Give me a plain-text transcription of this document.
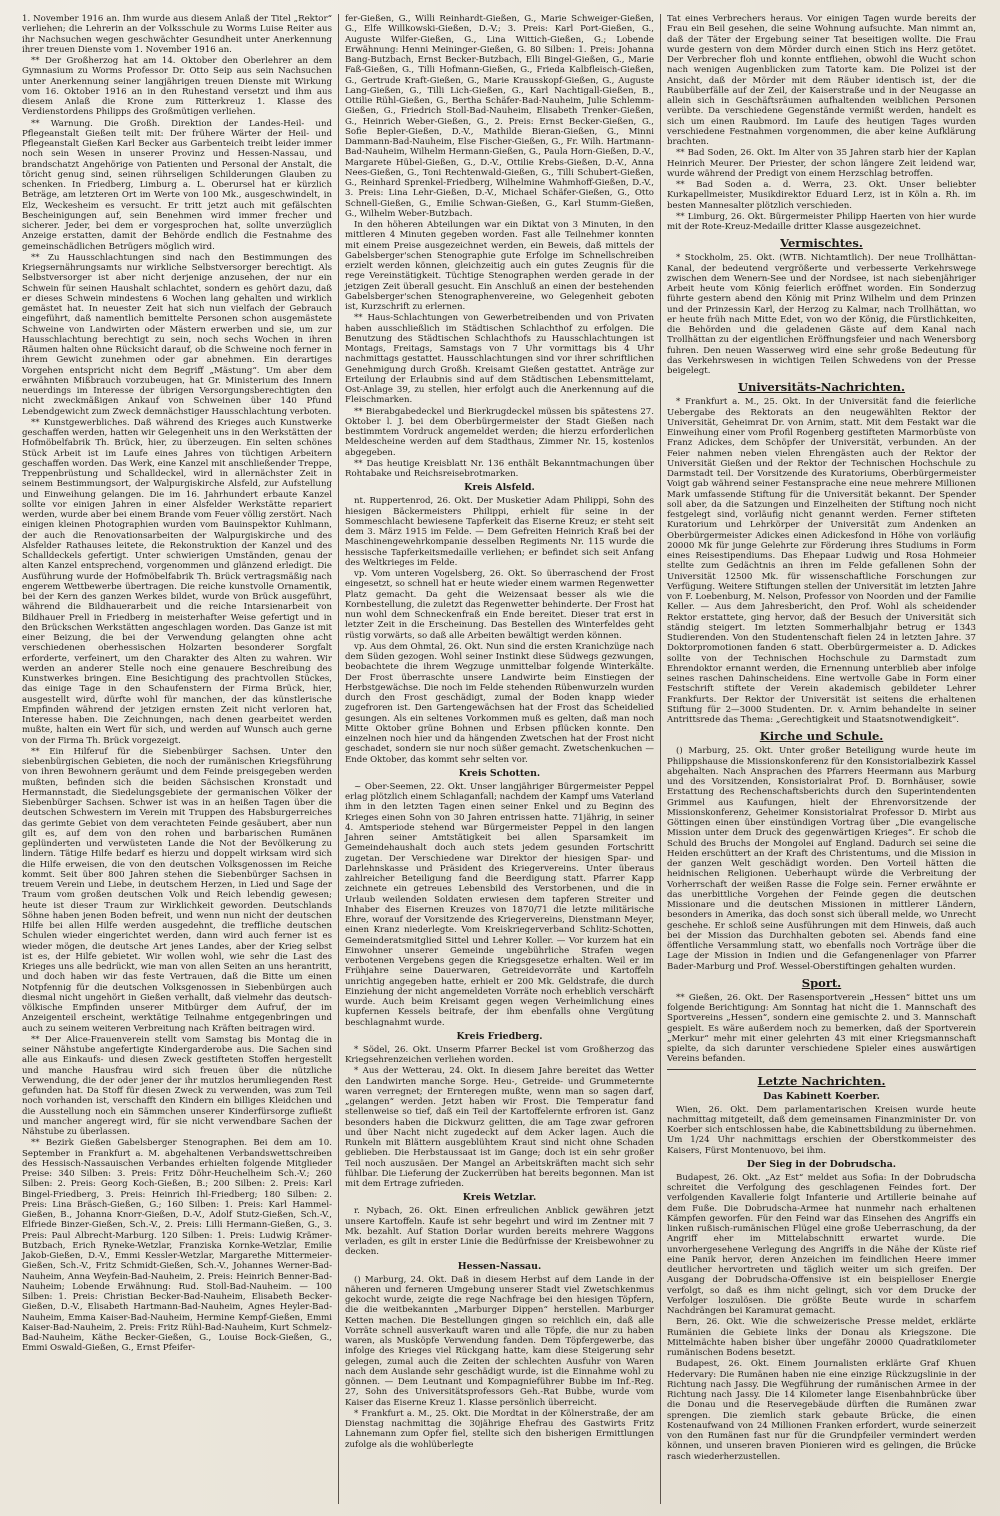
1. November 1916 an. Ihm wurde aus diesem Anlaß der Titel „Rektor“ verliehen; die Lehrerin an der Volksschule zu Worms Luise Reiter aus ihr Nachsuchen wegen geschwächter Gesundheit unter Anerkennung ihrer treuen Dienste vom 1. November 1916 an.

** Der Großherzog hat am 14. Oktober den Oberlehrer an dem Gymnasium zu Worms Professor Dr. Otto Seip aus sein Nachsuchen unter Anerkennung seiner langjährigen treuen Dienste mit Wirkung vom 16. Oktober 1916 an in den Ruhestand versetzt und ihm aus diesem Anlaß die Krone zum Ritterkreuz 1. Klasse des Verdienstordens Philipps des Großmütigen verliehen.

** Warnung. Die Großh. Direktion der Landes-Heil- und Pflegeanstalt Gießen teilt mit: Der frühere Wärter der Heil- und Pflegeanstalt Gießen Karl Becker aus Garbenteich treibt leider immer noch sein Wesen in unserer Provinz und Hessen-Nassau, und brandschatzt Angehörige von Patienten und Personal der Anstalt, die töricht genug sind, seinen rührseligen Schilderungen Glauben zu schenken. In Friedberg, Limburg a. L. Oberursel hat er kürzlich Beträge, am letzteren Ort im Werte von 100 Mk., ausgeschwindelt, in Elz, Weckesheim es versucht. Er tritt jetzt auch mit gefälschten Bescheinigungen auf, sein Benehmen wird immer frecher und sicherer. Jeder, bei dem er vorgesprochen hat, sollte unverzüglich Anzeige erstatten, damit der Behörde endlich die Festnahme des gemeinschädlichen Betrügers möglich wird.

** Zu Hausschlachtungen sind nach den Bestimmungen des Kriegsernährungsamts nur wirkliche Selbstversorger berechtigt. Als Selbstversorger ist aber nicht derjenige anzusehen, der nur ein Schwein für seinen Haushalt schlachtet, sondern es gehört dazu, daß er dieses Schwein mindestens 6 Wochen lang gehalten und wirklich gemästet hat. In neuester Zeit hat sich nun vielfach der Gebrauch eingeführt, daß namentlich bemittelte Personen schon ausgemästete Schweine von Landwirten oder Mästern erwerben und sie, um zur Hausschlachtung berechtigt zu sein, noch sechs Wochen in ihren Räumen halten ohne Rücksicht darauf, ob die Schweine noch ferner in ihrem Gewicht zunehmen oder gar abnehmen. Ein derartiges Vorgehen entspricht nicht dem Begriff „Mästung“. Um aber dem erwähnten Mißbrauch vorzubeugen, hat Gr. Ministerium des Innern neuerdings im Interesse der übrigen Versorgungsberechtigten den nicht zweckmäßigen Ankauf von Schweinen über 140 Pfund Lebendgewicht zum Zweck demnächstiger Hausschlachtung verboten.

** Kunstgewerbliches. Daß während des Krieges auch Kunstwerke geschaffen werden, hatten wir Gelegenheit uns in den Werkstätten der Hofmöbelfabrik Th. Brück, hier, zu überzeugen. Ein selten schönes Stück Arbeit ist im Laufe eines Jahres von tüchtigen Arbeitern geschaffen worden. Das Werk, eine Kanzel mit anschließender Treppe, Treppenbrüstung und Schalldeckel, wird in allernächster Zeit in seinem Bestimmungsort, der Walpurgiskirche Alsfeld, zur Aufstellung und Einweihung gelangen. Die im 16. Jahrhundert erbaute Kanzel sollte vor einigen Jahren in einer Alsfelder Werkstätte repariert werden, wurde aber bei einem Brande vom Feuer völlig zerstört. Nach einigen kleinen Photographien wurden vom Bauinspektor Kuhlmann, der auch die Renovationsarbeiten der Walpurgiskirche und des Alsfelder Rathauses leitete, die Rekonstruktion der Kanzel und des Schalldeckels gefertigt. Unter schwierigen Umständen, genau der alten Kanzel entsprechend, vorgenommen und glänzend erledigt. Die Ausführung wurde der Hofmöbelfabrik Th. Brück vertragsmäßig nach engerem Wettbewerbe übertragen. Die reiche kunstvolle Ornamentik, bei der Kern des ganzen Werkes bildet, wurde von Brück ausgeführt, während die Bildhauerarbeit und die reiche Intarsienarbeit von Bildhauer Prell in Friedberg in meisterhafter Weise gefertigt und in den Brückschen Werkstätten angeschlagen worden. Das Ganze ist mit einer Beizung, die bei der Verwendung gelangten ohne acht verschiedenen oberhessischen Holzarten besonderer Sorgfalt erforderte, verfeinert, um den Charakter des Alten zu wahren. Wir werden an anderer Stelle noch eine genauere Beschreibung des Kunstwerkes bringen. Eine Besichtigung des prachtvollen Stückes, das einige Tage in den Schaufenstern der Firma Brück, hier, ausgestellt wird, dürfte wohl für manchen, der das künstlerische Empfinden während der jetzigen ernsten Zeit nicht verloren hat, Interesse haben. Die Zeichnungen, nach denen gearbeitet werden mußte, halten ein Wert für sich, und werden auf Wunsch auch gerne von der Firma Th. Brück vorgezeigt.

** Ein Hilferuf für die Siebenbürger Sachsen. Unter den siebenbürgischen Gebieten, die noch der rumänischen Kriegsführung von ihren Bewohnern geräumt und dem Feinde preisgegeben werden mußten, befinden sich die beiden Sächsischen Kronstadt und Hermannstadt, die Siedelungsgebiete der germanischen Völker der Siebenbürger Sachsen. Schwer ist was in an heißen Tagen über die deutschen Schwestern im Verein mit Truppen des Habsburgerreiches das gerimte Gebiet von dem verachteten Feinde gesäubert, aber nun gilt es, auf dem von den rohen und barbarischen Rumänen geplünderten und verwüsteten Lande die Not der Bevölkerung zu lindern. Tätige Hilfe bedarf es hierzu und doppelt wirksam wird sich die Hilfe erweisen, die von den deutschen Volksgenossen im Reiche kommt. Seit über 800 Jahren stehen die Siebenbürger Sachsen in treuem Verein und Liebe, in deutschem Herzen, in Lied und Sage der Traum vom großen deutschen Volk und Reich lebendig gewesen; heute ist dieser Traum zur Wirklichkeit geworden. Deutschlands Söhne haben jenen Boden befreit, und wenn nun nicht der deutschen Hilfe bei allen Hilfe werden ausgedehnt, die treffliche deutschen Schulen wieder eingerichtet werden, dann wird auch ferner ist es wieder mögen, die deutsche Art jenes Landes, aber der Krieg selbst ist es, der Hilfe gebietet. Wir wollen wohl, wie sehr die Last des Krieges uns alle bedrückt, wie man von allen Seiten an uns herantritt, und doch haben wir das feste Vertrauen, daß die Bitte um einen Notpfennig für die deutschen Volksgenossen in Siebenbürgen auch diesmal nicht ungehört in Gießen verhallt, daß vielmehr das deutsch-völkische Empfinden unserer Mitbürger dem Aufruf, der im Anzeigenteil erscheint, werktätige Teilnahme entgegenbringen und auch zu seinem weiteren Verbreitung nach Kräften beitragen wird.

** Der Alice-Frauenverein stellt vom Samstag bis Montag die in seiner Nähstube angefertigte Kindergarderobe aus. Die Sachen sind alle aus Einkaufs- und diesen Zweck gestifteten Stoffen hergestellt und manche Hausfrau wird sich freuen über die nützliche Verwendung, die der oder jener der ihr mutzlos herumliegenden Rest gefunden hat. Da Stoff für diesen Zweck zu verwenden, was zum Teil noch vorhanden ist, verschafft den Kindern ein billiges Kleidchen und die Ausstellung noch ein Sämmchen unserer Kinderfürsorge zufließt und mancher angeregt wird, für sie nicht verwendbare Sachen der Nähstube zu überlassen.

** Bezirk Gießen Gabelsberger Stenographen. Bei dem am 10. September in Frankfurt a. M. abgehaltenen Verbandswettschreiben des Hessisch-Nassauischen Verbandes erhielten folgende Mitglieder Preise: 340 Silben: 3. Preis: Fritz Döhr-Heuchelheim Sch.-V.; 260 Silben: 2. Preis: Georg Koch-Gießen, B.; 200 Silben: 2. Preis: Karl Bingel-Friedberg, 3. Preis: Heinrich Ihl-Friedberg; 180 Silben: 2. Preis: Lina Bräsch-Gießen, G.; 160 Silben: 1. Preis: Karl Hammel-Gießen, B., Johanna Knorr-Gießen, D.-V., Adolf Stutz-Gießen, Sch.-V., Elfriede Binzer-Gießen, Sch.-V., 2. Preis: Lilli Hermann-Gießen, G., 3. Preis: Paul Albrecht-Marburg. 120 Silben: 1. Preis: Ludwig Krämer-Butzbach, Erich Ryneke-Wetzlar, Franziska Kornke-Wetzlar, Emilie Jakob-Gießen, D.-V., Emmi Kessler-Wetzlar, Margarethe Mittermeier-Gießen, Sch.-V., Fritz Schmidt-Gießen, Sch.-V., Johannes Werner-Bad-Nauheim, Anna Weyfein-Bad-Nauheim, 2. Preis: Heinrich Benner-Bad-Nauheim; Lobende Erwähnung: Rud. Stoll-Bad-Nauheim. — 100 Silben: 1. Preis: Christian Becker-Bad-Nauheim, Elisabeth Becker-Gießen, D.-V., Elisabeth Hartmann-Bad-Nauheim, Agnes Heyler-Bad-Nauheim, Emma Kaiser-Bad-Nauheim, Hermine Kempf-Gießen, Emmi Kaiser-Bad-Nauheim, 2. Preis: Fritz Rühl-Bad-Nauheim, Kurt Schmelz-Bad-Nauheim, Käthe Becker-Gießen, G., Louise Bock-Gießen, G., Emmi Oswald-Gießen, G., Ernst Pfeifer-

fer-Gießen, G., Willi Reinhardt-Gießen, G., Marie Schweiger-Gießen, G., Elfe Willkowski-Gießen, D.-V.; 3. Preis: Karl Port-Gießen, G., Auguste Wilfer-Gießen, G., Lina Wittich-Gießen, G.; Lobende Erwähnung: Henni Meininger-Gießen, G. 80 Silben: 1. Preis: Johanna Bang-Butzbach, Ernst Becker-Butzbach, Elli Bingel-Gießen, G., Marie Faß-Gießen, G., Tilli Hofmann-Gießen, G., Frieda Kalbfleisch-Gießen, G., Gertrude Kraft-Gießen, G., Marie Krausskopf-Gießen, G., Auguste Lang-Gießen, G., Tilli Lich-Gießen, G., Karl Nachtigall-Gießen, B., Ottilie Rühl-Gießen, G., Bertha Schäfer-Bad-Nauheim, Julie Schlemm-Gießen, G., Friedrich Stoll-Bad-Nauheim, Elisabeth Trenker-Gießen, G., Heinrich Weber-Gießen, G., 2. Preis: Ernst Becker-Gießen, G., Sofie Bepler-Gießen, D.-V., Mathilde Bieran-Gießen, G., Minni Dammann-Bad-Nauheim, Else Fischer-Gießen, G., Fr. Wilh. Hartmann-Bad-Nauheim, Wilhelm Hermann-Gießen, G., Paula Horn-Gießen, D.-V., Margarete Hübel-Gießen, G., D.-V., Ottilie Krebs-Gießen, D.-V., Anna Nees-Gießen, G., Toni Rechtenwald-Gießen, G., Tilli Schubert-Gießen, G., Reinhard Sprenkel-Friedberg, Wilhelmine Wahmhoff-Gießen, D.-V., 3. Preis: Lina Lehr-Gießen, D.-V., Michael Schäfer-Gießen, G., Otto Schnell-Gießen, G., Emilie Schwan-Gießen, G., Karl Stumm-Gießen, G., Wilhelm Weber-Butzbach.

In den höheren Abteilungen war ein Diktat von 3 Minuten, in den mittleren 4 Minuten gegeben worden. Fast alle Teilnehmer konnten mit einem Preise ausgezeichnet werden, ein Beweis, daß mittels der Gabelsberger'schen Stenographie gute Erfolge im Schnellschreiben erzielt werden können, gleichzeitig auch ein gutes Zeugnis für die rege Vereinstätigkeit. Tüchtige Stenographen werden gerade in der jetzigen Zeit überall gesucht. Ein Anschluß an einen der bestehenden Gabelsberger'schen Stenographenvereine, wo Gelegenheit geboten ist, Kurzschrift zu erlernen.

** Haus-Schlachtungen von Gewerbetreibenden und von Privaten haben ausschließlich im Städtischen Schlachthof zu erfolgen. Die Benutzung des Städtischen Schlachthofs zu Hausschlachtungen ist Montags, Freitags, Samstags von 7 Uhr vormittags bis 4 Uhr nachmittags gestattet. Hausschlachtungen sind vor ihrer schriftlichen Genehmigung durch Großh. Kreisamt Gießen gestattet. Anträge zur Erteilung der Erlaubnis sind auf dem Städtischen Lebensmittelamt, Ost-Anlage 39, zu stellen, hier erfolgt auch die Anerkennung auf die Fleischmarken.

** Bierabgabedeckel und Bierkrugdeckel müssen bis spätestens 27. Oktober l. J. bei dem Oberbürgermeister der Stadt Gießen nach bestimmtem Vordruck angemeldet werden; die hierzu erforderlichen Meldescheine werden auf dem Stadthaus, Zimmer Nr. 15, kostenlos abgegeben.

** Das heutige Kreisblatt Nr. 136 enthält Bekanntmachungen über Rohtabake und Reichsreisebrotmarken.

Kreis Alsfeld.

nt. Ruppertenrod, 26. Okt. Der Musketier Adam Philippi, Sohn des hiesigen Bäckermeisters Philippi, erhielt für seine in der Sommeschlacht bewiesene Tapferkeit das Eiserne Kreuz; er steht seit dem 3. März 1915 im Felde. — Dem Gefreiten Heinrich Kraß bei der Maschinengewehrkompanie desselben Regiments Nr. 115 wurde die hessische Tapferkeitsmedaille verliehen; er befindet sich seit Anfang des Weltkrieges im Felde.

vp. Vom unteren Vogelsberg, 26. Okt. So überraschend der Frost eingesetzt, so schnell hat er heute wieder einem warmen Regenwetter Platz gemacht. Da geht die Weizensaat besser als wie die Kornbestellung, die zuletzt das Regenwetter behinderte. Der Frost hat nun wohl dem Schneckenfraß ein Ende bereitet. Dieser trat erst in letzter Zeit in die Erscheinung. Das Bestellen des Winterfeldes geht rüstig vorwärts, so daß alle Arbeiten bewältigt werden können.

vp. Aus dem Ohmtal, 26. Okt. Nun sind die ersten Kranichzüge nach dem Süden gezogen. Wohl seiner Instinkt diese Südwegs gezwungen, beobachtete die ihrem Wegzuge unmittelbar folgende Winterkälte. Der Frost überraschte unsere Landwirte beim Einstiegen der Herbstgewächse. Die noch im Felde stehenden Rübenwurzeln wurden durch den Frost geschädigt, zumal der Boden knapp wieder zugefroren ist. Den Gartengewächsen hat der Frost das Scheidelied gesungen. Als ein seltenes Vorkommen muß es gelten, daß man noch Mitte Oktober grüne Bohnen und Erbsen pflücken konnte. Den einzelnen noch hier und da hängenden Zwetschen hat der Frost nicht geschadet, sondern sie nur noch süßer gemacht. Zwetschenkuchen — Ende Oktober, das kommt sehr selten vor.

Kreis Schotten.

~ Ober-Seemen, 22. Okt. Unser langjähriger Bürgermeister Peppel erlag plötzlich einem Schlaganfall; nachdem der Kampf ums Vaterland ihm in den letzten Tagen einen seiner Enkel und zu Beginn des Krieges einen Sohn von 30 Jahren entrissen hatte. 71jährig, in seiner 4. Amtsperiode stehend war Bürgermeister Peppel in den langen Jahren seiner Amtstätigkeit bei allen Sparsamkeit im Gemeindehaushalt doch auch stets jedem gesunden Fortschritt zugetan. Der Verschiedene war Direktor der hiesigen Spar- und Darlehnskasse und Präsident des Kriegervereins. Unter überaus zahlreicher Beteiligung fand die Beerdigung statt. Pfarrer Kapp zeichnete ein getreues Lebensbild des Verstorbenen, und die in Urlaub weilenden Soldaten erwiesen dem tapferen Streiter und Inhaber des Eisernen Kreuzes von 1870/71 die letzte militärische Ehre, worauf der Vorsitzende des Kriegervereins, Dienstmann Meyer, einen Kranz niederlegte. Vom Kreiskriegerverband Schlitz-Schotten, Gemeinderatsmitglied Sittel und Lehrer Koller. — Vor kurzem hat ein Einwohner unserer Gemeinde ungebührliche Strafen wegen verbotenen Vergebens gegen die Kriegsgesetze erhalten. Weil er im Frühjahre seine Dauerwaren, Getreidevorräte und Kartoffeln unrichtig angegeben hatte, erhielt er 200 Mk. Geldstrafe, die durch Einziehung der nicht angemeldeten Vorräte noch erheblich verschärft wurde. Auch beim Kreisamt gegen wegen Verheimlichung eines kupfernen Kessels beitrafe, der ihm ebenfalls ohne Vergütung beschlagnahmt wurde.

Kreis Friedberg.

* Södel, 26. Okt. Unserm Pfarrer Beckel ist vom Großherzog das Kriegsehrenzeichen verliehen worden.

* Aus der Wetterau, 24. Okt. In diesem Jahre bereitet das Wetter den Landwirten manche Sorge. Heu-, Getreide- und Grummeternte waren verregnet; der Ernteregen mußte, wenn man so sagen darf, „gelangen“ werden. Jetzt haben wir Frost. Die Temperatur fand stellenweise so tief, daß ein Teil der Kartoffelernte erfroren ist. Ganz besonders haben die Dickwurz gelitten, die am Tage zwar gefroren und über Nacht nicht zugedeckt auf dem Acker lagen. Auch die Runkeln mit Blättern ausgeblühtem Kraut sind nicht ohne Schaden geblieben. Die Herbstaussaat ist im Gange; doch ist ein sehr großer Teil noch auszusäen. Der Mangel an Arbeitskräften macht sich sehr fühlbar. Die Lieferung der Zuckerrüben hat bereits begonnen. Man ist mit dem Ertrage zufrieden.

Kreis Wetzlar.

r. Nybach, 26. Okt. Einen erfreulichen Anblick gewähren jetzt unsere Kartoffeln. Kaufe ist sehr begehrt und wird im Zentner mit 7 Mk. bezahlt. Auf Station Dorlar wurden bereits mehrere Waggons verladen, es gilt in erster Linie die Bedürfnisse der Kreisbewohner zu decken.

Hessen-Nassau.

() Marburg, 24. Okt. Daß in diesem Herbst auf dem Lande in der näheren und ferneren Umgebung unserer Stadt viel Zwetschkenmus gekocht wurde, zeigte die rege Nachfrage bei den hiesigen Töpfern, die die weitbekannten „Marburger Dippen“ herstellen. Marburger Ketten machen. Die Bestellungen gingen so reichlich ein, daß alle Vorräte schnell ausverkauft waren und alle Töpfe, die nur zu haben waren, als Musköpfe Verwendung fanden. Dem Töpfergewerbe, das infolge des Krieges viel Rückgang hatte, kam diese Steigerung sehr gelegen, zumal auch die Zeiten der schlechten Ausfuhr von Waren nach dem Auslande sehr geschädigt wurde, ist die Einnahme wohl zu gönnen. — Dem Leutnant und Kompagnieführer Bubbe im Inf.-Reg. 27, Sohn des Universitätsprofessors Geh.-Rat Bubbe, wurde vom Kaiser das Eiserne Kreuz 1. Klasse persönlich überreicht.

* Frankfurt a. M., 25. Okt. Die Mordtat in der Kölnerstraße, der am Dienstag nachmittag die 30jährige Ehefrau des Gastwirts Fritz Lahnemann zum Opfer fiel, stellte sich den bisherigen Ermittlungen zufolge als die wohlüberlegte

Tat eines Verbrechers heraus. Vor einigen Tagen wurde bereits der Frau ein Beil gesehen, die seine Wohnung aufsuchte. Man nimmt an, daß der Täter der Ergebung seiner Tat beseitigen wollte. Die Frau wurde gestern von dem Mörder durch einen Stich ins Herz getötet. Der Verbrecher floh und konnte entfliehen, obwohl die Wucht schon nach wenigen Augenblicken zum Tatorte kam. Die Polizei ist der Ansicht, daß der Mörder mit dem Räuber identisch ist, der die Raubüberfälle auf der Zeil, der Kaiserstraße und in der Neugasse an allein sich in Geschäftsräumen aufhaltenden weiblichen Personen verübte. Da verschiedene Gegenstände vermißt werden, handelt es sich um einen Raubmord. Im Laufe des heutigen Tages wurden verschiedene Festnahmen vorgenommen, die aber keine Aufklärung brachten.

** Bad Soden, 26. Okt. Im Alter von 35 Jahren starb hier der Kaplan Heinrich Meurer. Der Priester, der schon längere Zeit leidend war, wurde während der Predigt von einem Herzschlag betroffen.

** Bad Soden a. d. Werra, 23. Okt. Unser beliebter Kurkapellmeister, Musikdirektor Eduard Lerz, ist in Köln a. Rh. im besten Mannesalter plötzlich verschieden.

** Limburg, 26. Okt. Bürgermeister Philipp Haerten von hier wurde mit der Rote-Kreuz-Medaille dritter Klasse ausgezeichnet.

Vermischtes.

* Stockholm, 25. Okt. (WTB. Nichtamtlich). Der neue Trollhättan-Kanal, der bedeutend vergrößerte und verbesserte Verkehrswege zwischen dem Wenern-See und der Nordsee, ist nach siebenjähriger Arbeit heute vom König feierlich eröffnet worden. Ein Sonderzug führte gestern abend den König mit Prinz Wilhelm und dem Prinzen und der Prinzessin Karl, der Herzog zu Kalmar, nach Trollhättan, wo er heute früh nach Mitte Edet, von wo der König, die Fürstlichkeiten, die Behörden und die geladenen Gäste auf dem Kanal nach Trollhättan zu der eigentlichen Eröffnungsfeier und nach Wenersborg fuhren. Den neuen Wasserweg wird eine sehr große Bedeutung für das Verkehrswesen in wichtigen Teilen Schwedens von der Presse beigelegt.

Universitäts-Nachrichten.

* Frankfurt a. M., 25. Okt. In der Universität fand die feierliche Uebergabe des Rektorats an den neugewählten Rektor der Universität, Geheimrat Dr. von Arnim, statt. Mit dem Festakt war die Einweihung einer vom Profil Rogenberg gestifteten Marmorbüste von Franz Adickes, dem Schöpfer der Universität, verbunden. An der Feier nahmen neben vielen Ehrengästen auch der Rektor der Universität Gießen und der Rektor der Technischen Hochschule zu Darmstadt teil. Der Vorsitzende des Kuratoriums, Oberbürgermeister Voigt gab während seiner Festansprache eine neue mehrere Millionen Mark umfassende Stiftung für die Universität bekannt. Der Spender soll aber, da die Satzungen und Einzelheiten der Stiftung noch nicht festgelegt sind, vorläufig nicht genannt werden. Ferner stifteten Kuratorium und Lehrkörper der Universität zum Andenken an Oberbürgermeister Adickes einen Adickesfond in Höhe von vorläufig 20000 Mk für junge Gelehrte zur Förderung ihres Studiums in Form eines Reisestipendiums. Das Ehepaar Ludwig und Rosa Hohmeier stellte zum Gedächtnis an ihren im Felde gefallenen Sohn der Universität 12500 Mk. für wissenschaftliche Forschungen zur Verfügung. Weitere Stiftungen stellen der Universität im letzten Jahre von F. Loebenburg, M. Nelson, Professor von Noorden und der Familie Keller. — Aus dem Jahresbericht, den Prof. Wohl als scheidender Rektor erstattete, ging hervor, daß der Besuch der Universität sich ständig steigert. Im letzten Sommerhalbjahr betrug er 1343 Studierenden. Von den Studentenschaft fielen 24 in letzten Jahre. 37 Doktorpromotionen fanden 6 statt. Oberbürgermeister a. D. Adickes sollte von der Technischen Hochschule zu Darmstadt zum Ehrendoktor ernannt werden, die Ernennung unterblieb aber infolge seines raschen Dahinscheidens. Eine wertvolle Gabe in Form einer Festschrift stiftete der Verein akademisch gebildeter Lehrer Frankfurts. Der Rektor der Universität ist seitens die erhaltenen Stiftung für 2—3000 Studenten. Dr. v. Arnim behandelte in seiner Antrittsrede das Thema: „Gerechtigkeit und Staatsnotwendigkeit“.

Kirche und Schule.

() Marburg, 25. Okt. Unter großer Beteiligung wurde heute im Philippshause die Missionskonferenz für den Konsistorialbezirk Kassel abgehalten. Nach Ansprachen des Pfarrers Heermann aus Marburg und des Vorsitzenden, Konsistorialrat Prof. D. Bornhäuser, sowie Erstattung des Rechenschaftsberichts durch den Superintendenten Grimmel aus Kaufungen, hielt der Ehrenvorsitzende der Missionskonferenz, Geheimer Konsistorialrat Professor D. Mirbt aus Göttingen einen über einstündigen Vortrag über „Die evangelische Mission unter dem Druck des gegenwärtigen Krieges“. Er schob die Schuld des Bruchs der Mongolei auf England. Dadurch sei seine die Heiden erschüttert an der Kraft des Christentums, und die Mission in der ganzen Welt geschädigt worden. Den Vorteil hätten die heidnischen Religionen. Ueberhaupt würde die Verbreitung der Vorherrschaft der weißen Rasse die Folge sein. Ferner erwähnte er das unerbittliche Vorgehen der Feinde gegen die deutschen Missionare und die deutschen Missionen in mittlerer Ländern, besonders in Amerika, das doch sonst sich überall melde, wo Unrecht geschehe. Er schloß seine Ausführungen mit dem Hinweis, daß auch bei der Mission das Durchhalten geboten sei. Abends fand eine öffentliche Versammlung statt, wo ebenfalls noch Vorträge über die Lage der Mission in Indien und die Gefangenenlager von Pfarrer Bader-Marburg und Prof. Wessel-Oberstiftingen gehalten wurden.

Sport.

** Gießen, 26. Okt. Der Rasensportverein „Hessen“ bittet uns um folgende Berichtigung: Am Sonntag hat nicht die 1. Mannschaft des Sportvereins „Hessen“, sondern eine gemischte 2. und 3. Mannschaft gespielt. Es wäre außerdem noch zu bemerken, daß der Sportverein „Merkur“ mehr mit einer gelehrten 43 mit einer Kriegsmannschaft spielte, da sich darunter verschiedene Spieler eines auswärtigen Vereins befanden.

Letzte Nachrichten.
Das Kabinett Koerber.

Wien, 26. Okt. Dem parlamentarischen Kreisen wurde heute nachmittag mitgeteilt, daß dem gemeinsamen Finanzminister Dr. von Koerber sich entschlossen habe, die Kabinettsbildung zu übernehmen. Um 1/24 Uhr nachmittags erschien der Oberstkommeister des Kaisers, Fürst Montenuovo, bei ihm.

Der Sieg in der Dobrudscha.

Budapest, 26. Okt. „Az Est“ meldet aus Sofia: In der Dobrudscha schreitet die Verfolgung des geschlagenen Feindes fort. Der verfolgenden Kavallerie folgt Infanterie und Artillerie beinahe auf dem Fuße. Die Dobrudscha-Armee hat nunmehr nach erhaltenen Kämpfen geworfen. Für den Feind war das Einsehen des Angriffs ein linken rußisch-rumänischen Flügel eine große Ueberraschung, da der Angriff eher im Mittelabschnitt erwartet wurde. Die unvorhergesehene Verlegung des Angriffs in die Nähe der Küste rief eine Panik hervor, deren Anzeichen im feindlichen Heere immer deutlicher hervortreten und täglich weiter um sich greifen. Der Ausgang der Dobrudscha-Offensive ist ein beispielloser Energie verfolgt, so daß es ihm nicht gelingt, sich vor dem Drucke der Verfolger loszulösen. Die größte Beute wurde in scharfem Nachdrängen bei Karamurat gemacht.

Bern, 26. Okt. Wie die schweizerische Presse meldet, erklärte Rumänien die Gebiete links der Donau als Kriegszone. Die Mittelmächte haben bisher über ungefähr 20000 Quadratkilometer rumänischen Bodens besetzt.

Budapest, 26. Okt. Einem Journalisten erklärte Graf Khuen Hedervary: Die Rumänen haben nie eine einzige Rückzugslinie in der Richtung nach Jassy. Die Wegführung der rumänischen Armee in der Richtung nach Jassy. Die 14 Kilometer lange Eisenbahnbrücke über die Donau und die Reservegebäude dürften die Rumänen zwar sprengen. Die ziemlich stark gebaute Brücke, die einen Kostenaufwand von 24 Millionen Franken erfordert, wurde seinerzeit von den Rumänen fast nur für die Grundpfeiler vermindert werden können, und unseren braven Pionieren wird es gelingen, die Brücke rasch wiederherzustellen.
